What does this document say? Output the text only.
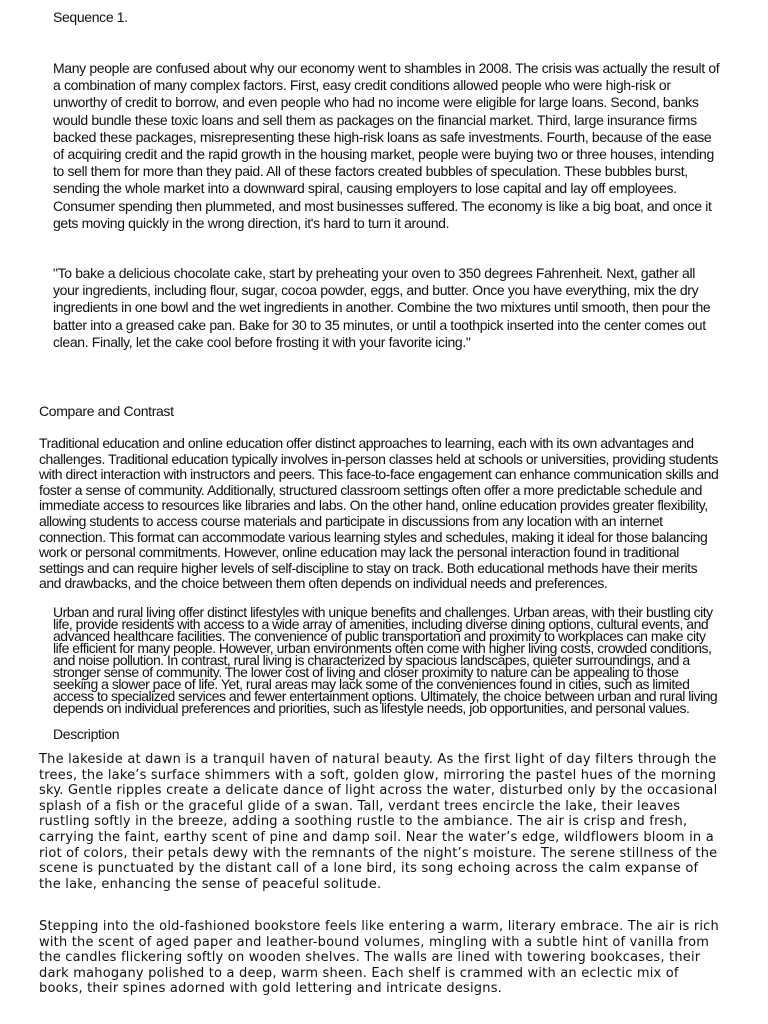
Sequence 1.

Many people are confused about why our economy went to shambles in 2008. The crisis was actually the result of a combination of many complex factors. First, easy credit conditions allowed people who were high-risk or unworthy of credit to borrow, and even people who had no income were eligible for large loans. Second, banks would bundle these toxic loans and sell them as packages on the financial market. Third, large insurance firms backed these packages, misrepresenting these high-risk loans as safe investments. Fourth, because of the ease of acquiring credit and the rapid growth in the housing market, people were buying two or three houses, intending to sell them for more than they paid. All of these factors created bubbles of speculation. These bubbles burst, sending the whole market into a downward spiral, causing employers to lose capital and lay off employees. Consumer spending then plummeted, and most businesses suffered. The economy is like a big boat, and once it gets moving quickly in the wrong direction, it's hard to turn it around.

"To bake a delicious chocolate cake, start by preheating your oven to 350 degrees Fahrenheit. Next, gather all your ingredients, including flour, sugar, cocoa powder, eggs, and butter. Once you have everything, mix the dry ingredients in one bowl and the wet ingredients in another. Combine the two mixtures until smooth, then pour the batter into a greased cake pan. Bake for 30 to 35 minutes, or until a toothpick inserted into the center comes out clean. Finally, let the cake cool before frosting it with your favorite icing."

Compare and Contrast

Traditional education and online education offer distinct approaches to learning, each with its own advantages and challenges. Traditional education typically involves in-person classes held at schools or universities, providing students with direct interaction with instructors and peers. This face-to-face engagement can enhance communication skills and foster a sense of community. Additionally, structured classroom settings often offer a more predictable schedule and immediate access to resources like libraries and labs. On the other hand, online education provides greater flexibility, allowing students to access course materials and participate in discussions from any location with an internet connection. This format can accommodate various learning styles and schedules, making it ideal for those balancing work or personal commitments. However, online education may lack the personal interaction found in traditional settings and can require higher levels of self-discipline to stay on track. Both educational methods have their merits and drawbacks, and the choice between them often depends on individual needs and preferences.

Urban and rural living offer distinct lifestyles with unique benefits and challenges. Urban areas, with their bustling city life, provide residents with access to a wide array of amenities, including diverse dining options, cultural events, and advanced healthcare facilities. The convenience of public transportation and proximity to workplaces can make city life efficient for many people. However, urban environments often come with higher living costs, crowded conditions, and noise pollution. In contrast, rural living is characterized by spacious landscapes, quieter surroundings, and a stronger sense of community. The lower cost of living and closer proximity to nature can be appealing to those seeking a slower pace of life. Yet, rural areas may lack some of the conveniences found in cities, such as limited access to specialized services and fewer entertainment options. Ultimately, the choice between urban and rural living depends on individual preferences and priorities, such as lifestyle needs, job opportunities, and personal values.

Description

The lakeside at dawn is a tranquil haven of natural beauty. As the first light of day filters through the trees, the lake’s surface shimmers with a soft, golden glow, mirroring the pastel hues of the morning sky. Gentle ripples create a delicate dance of light across the water, disturbed only by the occasional splash of a fish or the graceful glide of a swan. Tall, verdant trees encircle the lake, their leaves rustling softly in the breeze, adding a soothing rustle to the ambiance. The air is crisp and fresh, carrying the faint, earthy scent of pine and damp soil. Near the water’s edge, wildflowers bloom in a riot of colors, their petals dewy with the remnants of the night’s moisture. The serene stillness of the scene is punctuated by the distant call of a lone bird, its song echoing across the calm expanse of the lake, enhancing the sense of peaceful solitude.

Stepping into the old-fashioned bookstore feels like entering a warm, literary embrace. The air is rich with the scent of aged paper and leather-bound volumes, mingling with a subtle hint of vanilla from the candles flickering softly on wooden shelves. The walls are lined with towering bookcases, their dark mahogany polished to a deep, warm sheen. Each shelf is crammed with an eclectic mix of books, their spines adorned with gold lettering and intricate designs.
